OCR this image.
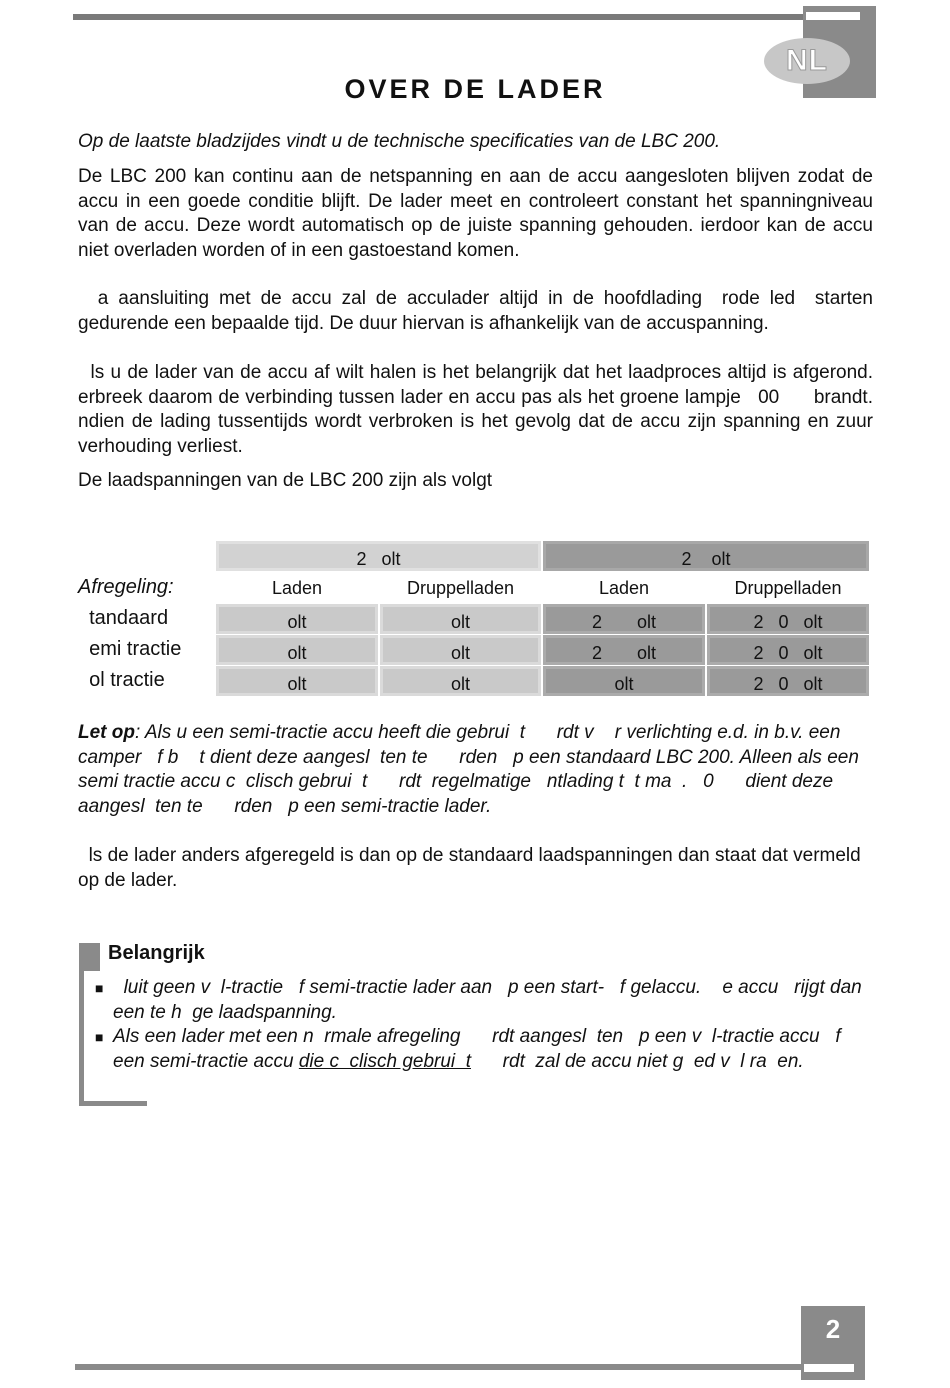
NL
OVER DE LADER
Op de laatste bladzijdes vindt u de technische specificaties van de LBC 200.
De LBC 200 kan continu aan de netspanning en aan de accu aangesloten blijven zodat de accu in een goede conditie blijft. De lader meet en controleert constant het spanningniveau van de accu. Deze wordt automatisch op de juiste spanning gehouden. ierdoor kan de accu niet overladen worden of in een gastoestand komen.
a aansluiting met de accu zal de acculader altijd in de hoofdlading  rode led  starten  gedurende een bepaalde tijd. De duur hiervan is afhankelijk van de accuspanning.
ls u de lader van de accu af wilt halen is het belangrijk dat het laadproces altijd is afgerond.   erbreek daarom de verbinding tussen lader en accu pas als het groene lampje   00      brandt.  ndien de lading tussentijds wordt verbroken is het gevolg dat de accu zijn spanning en zuur verhouding verliest.
De laadspanningen van de LBC 200 zijn als volgt
2   olt	2    olt
Afregeling:	Laden	Druppelladen	Laden	Druppelladen
tandaard	olt	olt	2       olt	2   0   olt
emi tractie	olt	olt	2       olt	2   0   olt
ol tractie	olt	olt	olt	2   0   olt
Let op: Als u een semi-tractie accu heeft die gebrui  t      rdt v    r verlichting e.d. in b.v. een camper   f b    t dient deze aangesl  ten te      rden   p een standaard LBC 200. Alleen als een semi tractie accu c  clisch gebrui  t      rdt  regelmatige   ntlading t  t ma  .   0      dient deze aangesl  ten te      rden   p een semi-tractie lader.
ls de lader anders afgeregeld is dan op de standaard laadspanningen dan staat dat vermeld op de lader.
Belangrijk
■ luit geen v  l-tractie   f semi-tractie lader aan   p een start-   f gelaccu.    e accu   rijgt dan een te h  ge laadspanning.
■ Als een lader met een n  rmale afregeling      rdt aangesl  ten   p een v  l-tractie accu   f een semi-tractie accu die c  clisch gebrui  t      rdt  zal de accu niet g  ed v  l ra  en.
2
